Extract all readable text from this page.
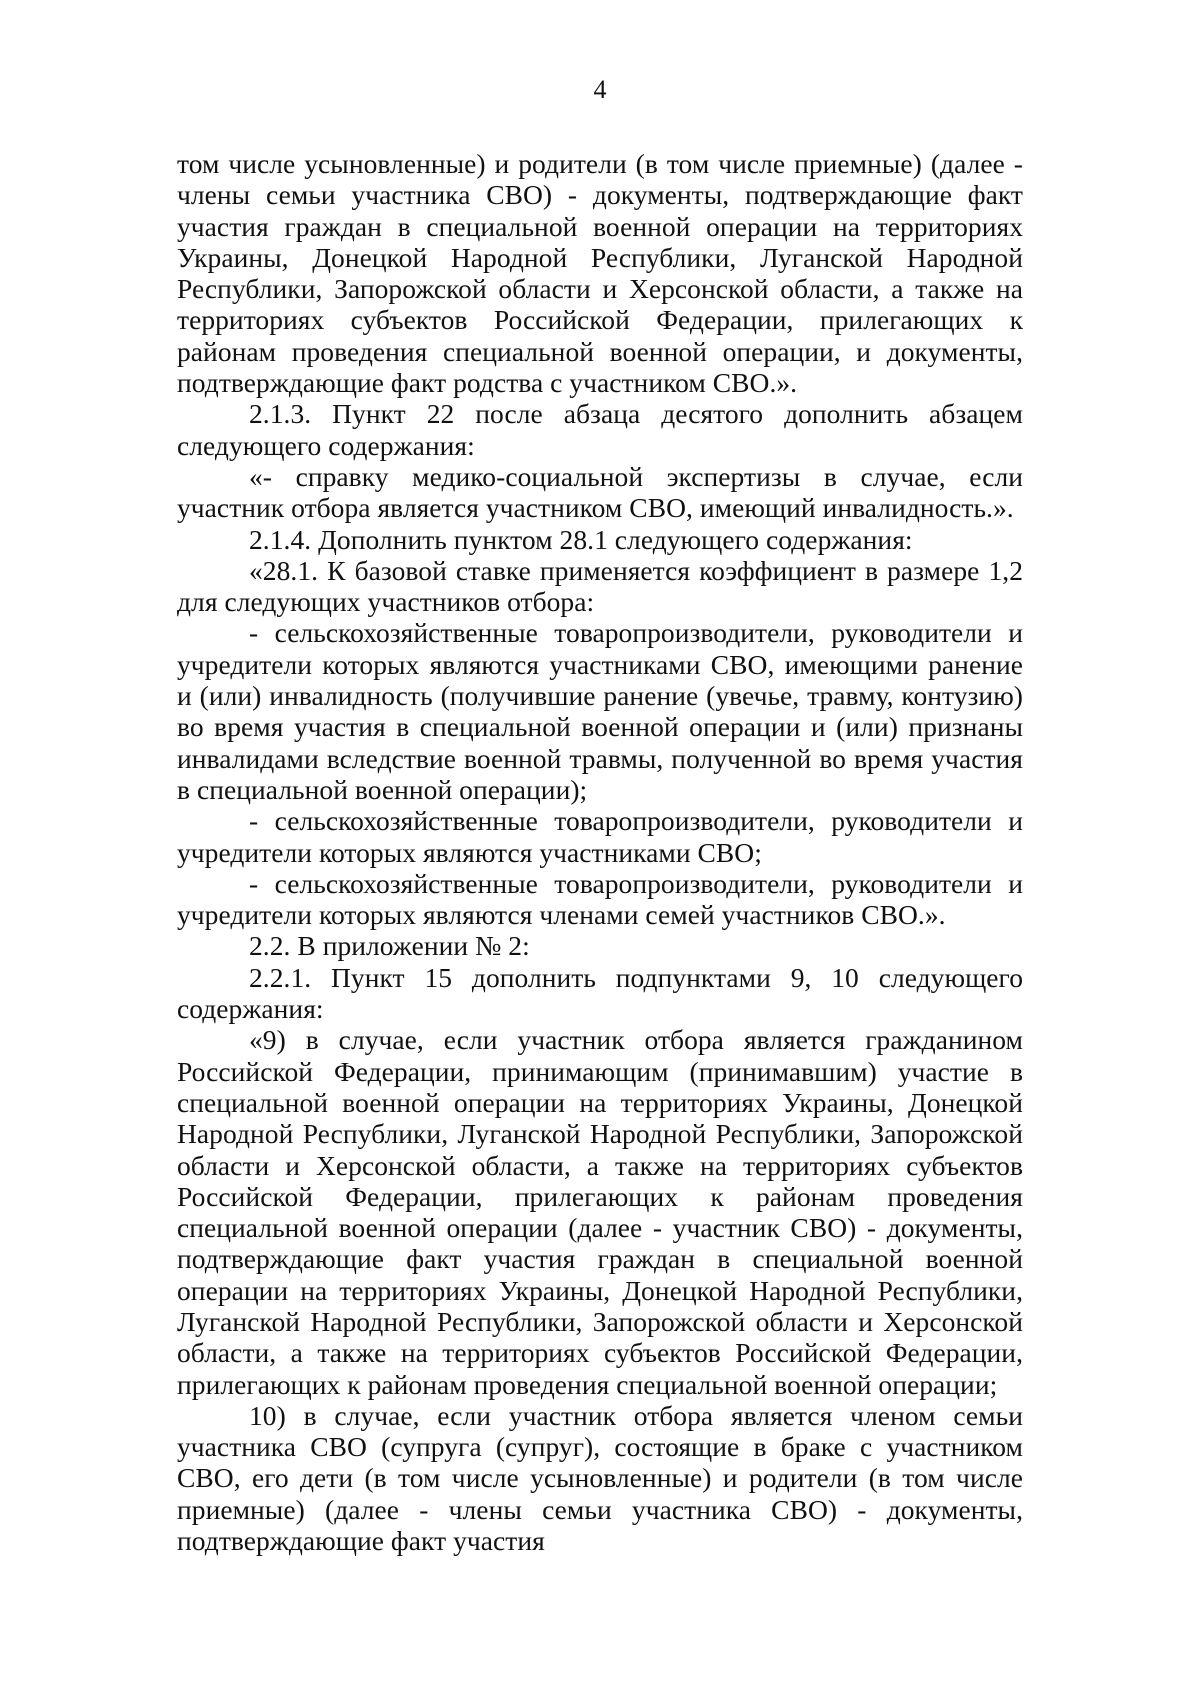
4

том числе усыновленные) и родители (в том числе приемные) (далее - члены семьи участника СВО) - документы, подтверждающие факт участия граждан в специальной военной операции на территориях Украины, Донецкой Народной Республики, Луганской Народной Республики, Запорожской области и Херсонской области, а также на территориях субъектов Российской Федерации, прилегающих к районам проведения специальной военной операции, и документы, подтверждающие факт родства с участником СВО.».

2.1.3. Пункт 22 после абзаца десятого дополнить абзацем следующего содержания:

«- справку медико-социальной экспертизы в случае, если участник отбора является участником СВО, имеющий инвалидность.».

2.1.4. Дополнить пунктом 28.1 следующего содержания:

«28.1. К базовой ставке применяется коэффициент в размере 1,2 для следующих участников отбора:

- сельскохозяйственные товаропроизводители, руководители и учредители которых являются участниками СВО, имеющими ранение и (или) инвалидность (получившие ранение (увечье, травму, контузию) во время участия в специальной военной операции и (или) признаны инвалидами вследствие военной травмы, полученной во время участия в специальной военной операции);

- сельскохозяйственные товаропроизводители, руководители и учредители которых являются участниками СВО;

- сельскохозяйственные товаропроизводители, руководители и учредители которых являются членами семей участников СВО.».

2.2. В приложении № 2:

2.2.1. Пункт 15 дополнить подпунктами 9, 10 следующего содержания:

«9) в случае, если участник отбора является гражданином Российской Федерации, принимающим (принимавшим) участие в специальной военной операции на территориях Украины, Донецкой Народной Республики, Луганской Народной Республики, Запорожской области и Херсонской области, а также на территориях субъектов Российской Федерации, прилегающих к районам проведения специальной военной операции (далее - участник СВО) - документы, подтверждающие факт участия граждан в специальной военной операции на территориях Украины, Донецкой Народной Республики, Луганской Народной Республики, Запорожской области и Херсонской области, а также на территориях субъектов Российской Федерации, прилегающих к районам проведения специальной военной операции;

10) в случае, если участник отбора является членом семьи участника СВО (супруга (супруг), состоящие в браке с участником СВО, его дети (в том числе усыновленные) и родители (в том числе приемные) (далее - члены семьи участника СВО) - документы, подтверждающие факт участия
